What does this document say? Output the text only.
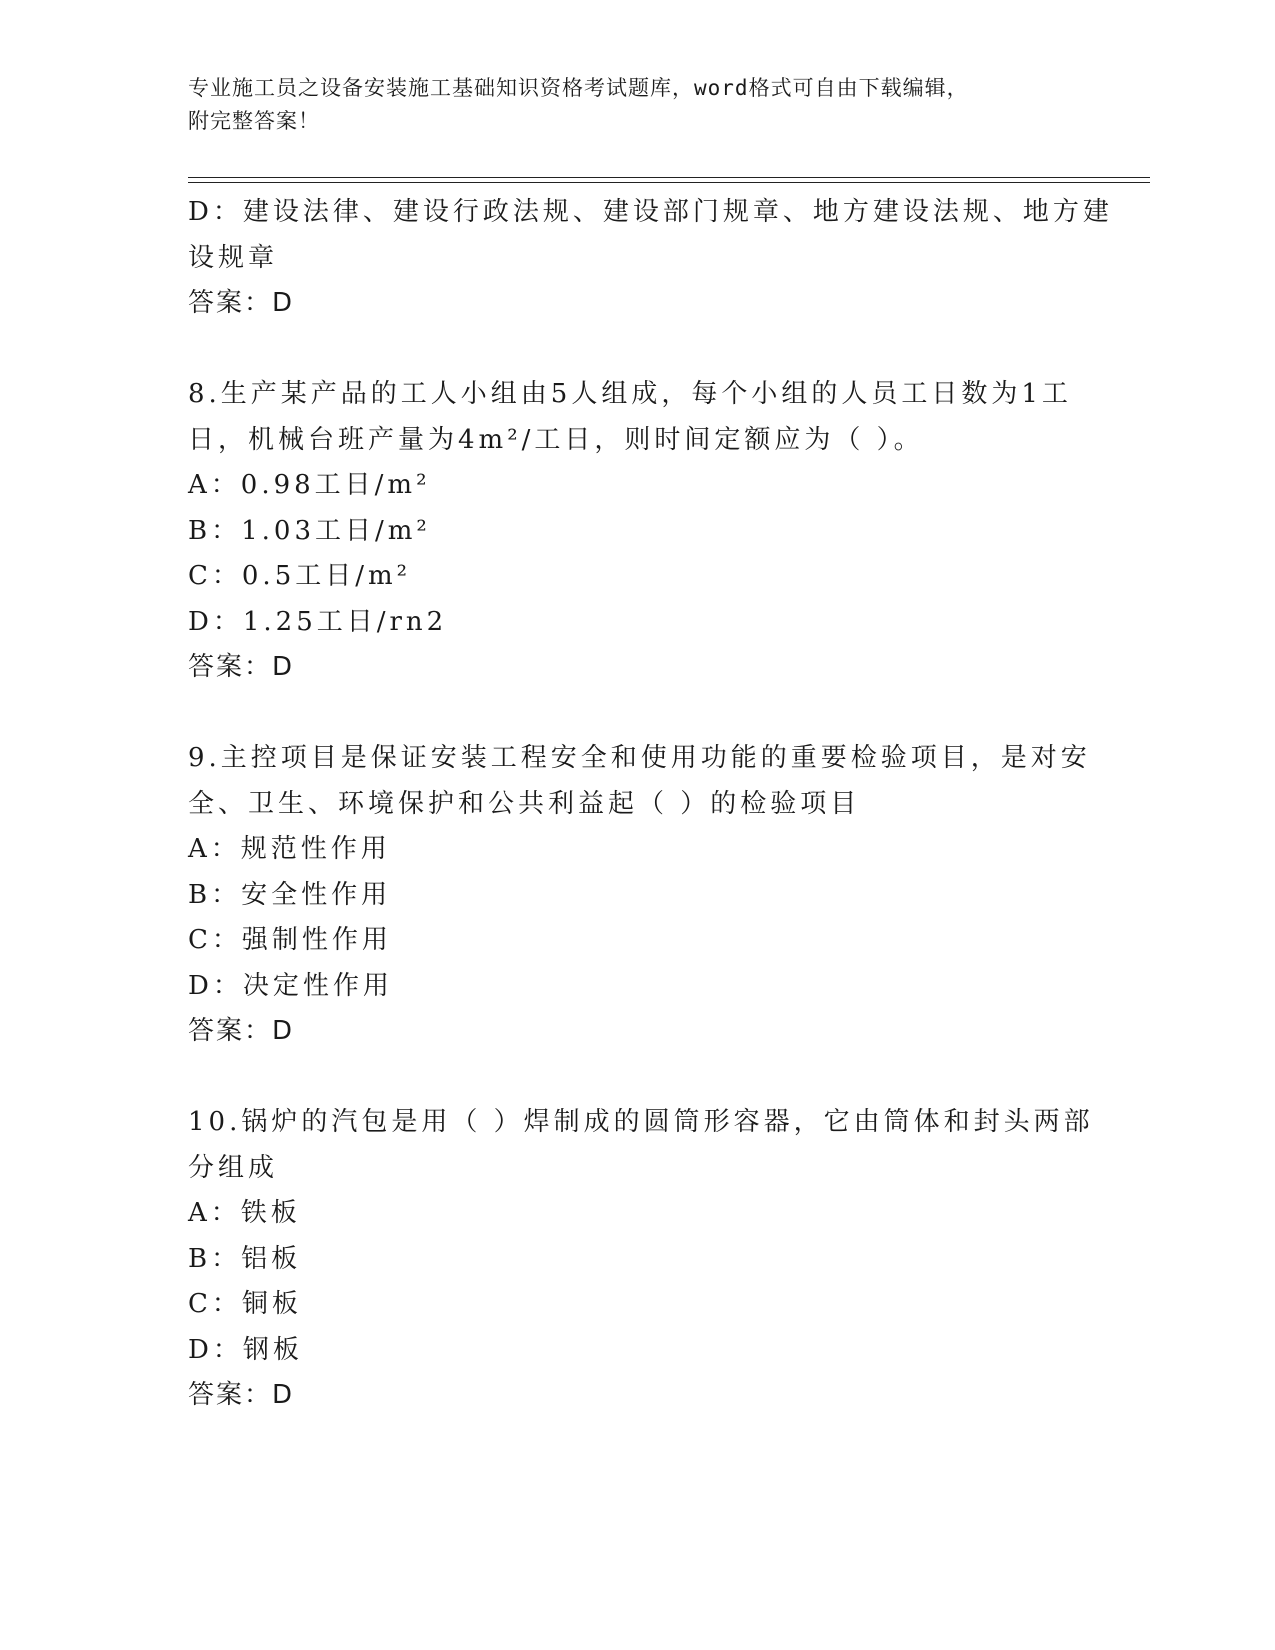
专业施工员之设备安装施工基础知识资格考试题库，word格式可自由下载编辑，
附完整答案！
D：建设法律、建设行政法规、建设部门规章、地方建设法规、地方建
设规章
答案：D
8.生产某产品的工人小组由5人组成，每个小组的人员工日数为1工
日，机械台班产量为4m²/工日，则时间定额应为（ ）。
A：0.98工日/m²
B：1.03工日/m²
C：0.5工日/m²
D：1.25工日/rn2
答案：D
9.主控项目是保证安装工程安全和使用功能的重要检验项目，是对安
全、卫生、环境保护和公共利益起（ ）的检验项目
A：规范性作用
B：安全性作用
C：强制性作用
D：决定性作用
答案：D
10.锅炉的汽包是用（ ）焊制成的圆筒形容器，它由筒体和封头两部
分组成
A：铁板
B：铝板
C：铜板
D：钢板
答案：D
